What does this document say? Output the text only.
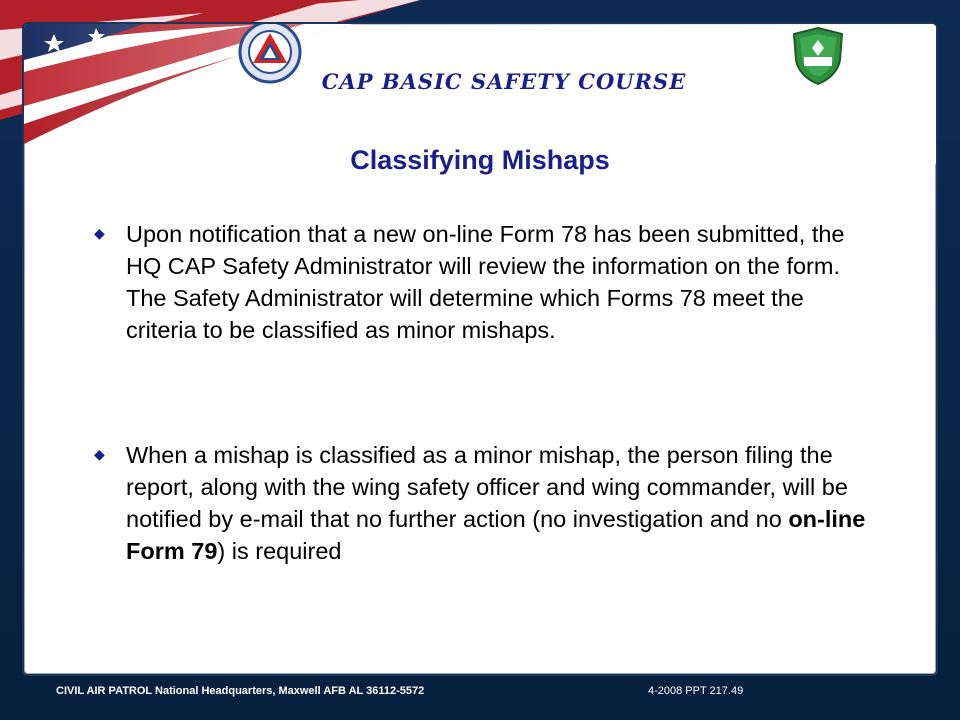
CAP BASIC SAFETY COURSE
Classifying Mishaps
◆ Upon notification that a new on-line Form 78 has been submitted, the HQ CAP Safety Administrator will review the information on the form. The Safety Administrator will determine which Forms 78 meet the criteria to be classified as minor mishaps.
◆ When a mishap is classified as a minor mishap, the person filing the report, along with the wing safety officer and wing commander, will be notified by e-mail that no further action (no investigation and no on-line Form 79) is required
CIVIL AIR PATROL National Headquarters, Maxwell AFB AL 36112-5572	4-2008 PPT 217.49
